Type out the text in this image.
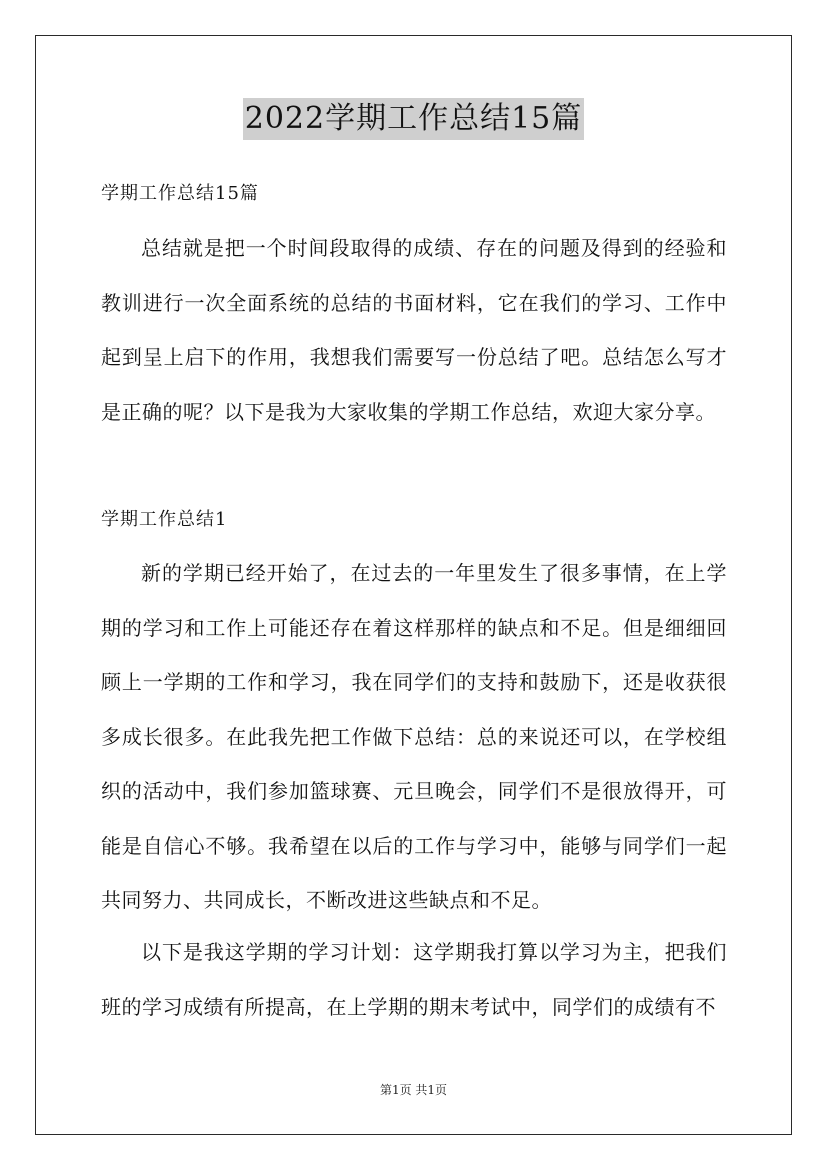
2022学期工作总结15篇
学期工作总结15篇

总结就是把一个时间段取得的成绩、存在的问题及得到的经验和教训进行一次全面系统的总结的书面材料，它在我们的学习、工作中起到呈上启下的作用，我想我们需要写一份总结了吧。总结怎么写才是正确的呢？以下是我为大家收集的学期工作总结，欢迎大家分享。

学期工作总结1

新的学期已经开始了，在过去的一年里发生了很多事情，在上学期的学习和工作上可能还存在着这样那样的缺点和不足。但是细细回顾上一学期的工作和学习，我在同学们的支持和鼓励下，还是收获很多成长很多。在此我先把工作做下总结：总的来说还可以，在学校组织的活动中，我们参加篮球赛、元旦晚会，同学们不是很放得开，可能是自信心不够。我希望在以后的工作与学习中，能够与同学们一起共同努力、共同成长，不断改进这些缺点和不足。

以下是我这学期的学习计划：这学期我打算以学习为主，把我们班的学习成绩有所提高，在上学期的期末考试中，同学们的成绩有不

第1页 共1页
